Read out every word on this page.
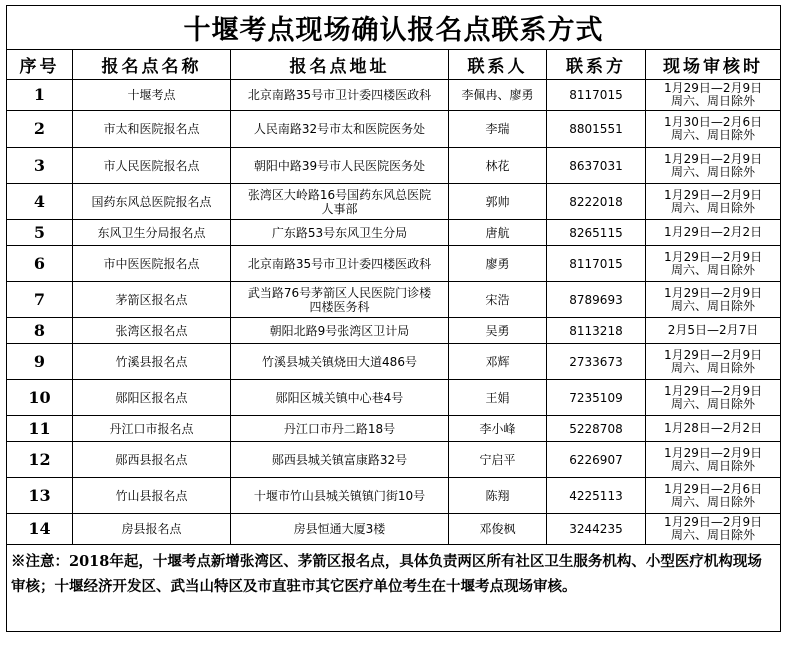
十堰考点现场确认报名点联系方式					
序号	报名点名称	报名点地址	联系人	联系方	现场审核时
1	十堰考点	北京南路35号市卫计委四楼医政科	李佩冉、廖勇	8117015	1月29日—2月9日
周六、周日除外
2	市太和医院报名点	人民南路32号市太和医院医务处	李瑞	8801551	1月30日—2月6日
周六、周日除外
3	市人民医院报名点	朝阳中路39号市人民医院医务处	林花	8637031	1月29日—2月9日
周六、周日除外
4	国药东风总医院报名点	张湾区大岭路16号国药东风总医院
人事部	郭帅	8222018	1月29日—2月9日
周六、周日除外
5	东风卫生分局报名点	广东路53号东风卫生分局	唐航	8265115	1月29日—2月2日
6	市中医医院报名点	北京南路35号市卫计委四楼医政科	廖勇	8117015	1月29日—2月9日
周六、周日除外
7	茅箭区报名点	武当路76号茅箭区人民医院门诊楼
四楼医务科	宋浩	8789693	1月29日—2月9日
周六、周日除外
8	张湾区报名点	朝阳北路9号张湾区卫计局	吴勇	8113218	2月5日—2月7日
9	竹溪县报名点	竹溪县城关镇烧田大道486号	邓辉	2733673	1月29日—2月9日
周六、周日除外
10	郧阳区报名点	郧阳区城关镇中心巷4号	王娟	7235109	1月29日—2月9日
周六、周日除外
11	丹江口市报名点	丹江口市丹二路18号	李小峰	5228708	1月28日—2月2日
12	郧西县报名点	郧西县城关镇富康路32号	宁启平	6226907	1月29日—2月9日
周六、周日除外
13	竹山县报名点	十堰市竹山县城关镇镇门街10号	陈翔	4225113	1月29日—2月6日
周六、周日除外
14	房县报名点	房县恒通大厦3楼	邓俊枫	3244235	1月29日—2月9日
周六、周日除外
※注意：2018年起，十堰考点新增张湾区、茅箭区报名点，具体负责两区所有社区卫生服务机构、小型医疗机构现场审核；十堰经济开发区、武当山特区及市直驻市其它医疗单位考生在十堰考点现场审核。					
